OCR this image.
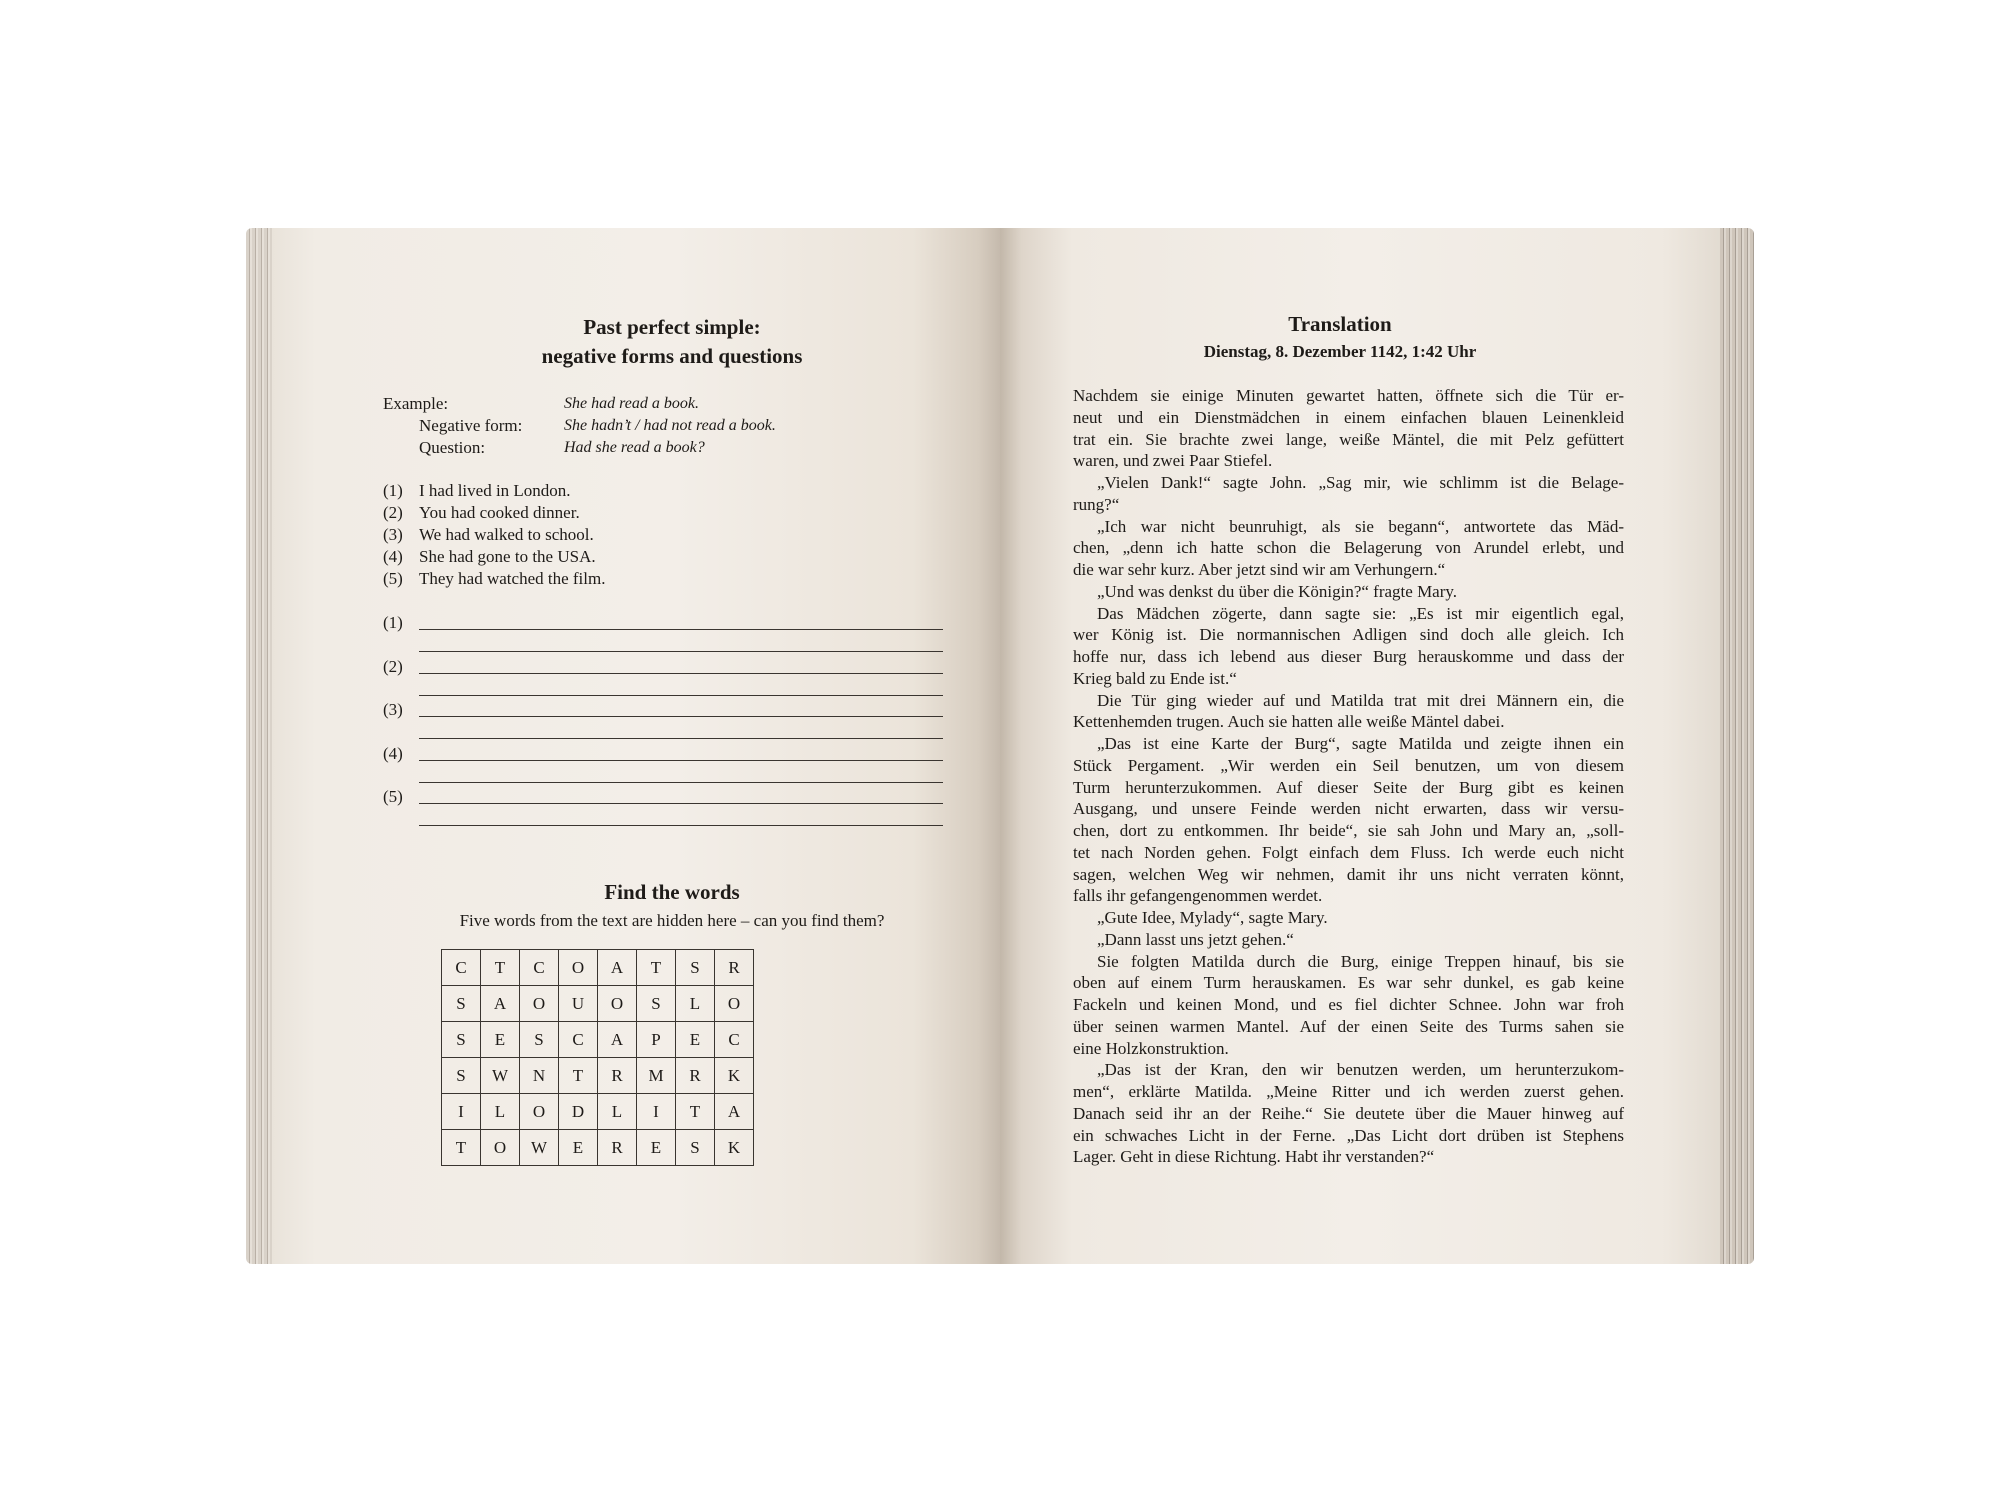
Past perfect simple:
negative forms and questions
Example:	She had read a book.
Negative form:	She hadn’t / had not read a book.
Question:	Had she read a book?
(1) I had lived in London.
(2) You had cooked dinner.
(3) We had walked to school.
(4) She had gone to the USA.
(5) They had watched the film.
(1)
(2)
(3)
(4)
(5)
Find the words
Five words from the text are hidden here – can you find them?
C	T	C	O	A	T	S	R
S	A	O	U	O	S	L	O
S	E	S	C	A	P	E	C
S	W	N	T	R	M	R	K
I	L	O	D	L	I	T	A
T	O	W	E	R	E	S	K
Translation
Dienstag, 8. Dezember 1142, 1:42 Uhr

Nachdem sie einige Minuten gewartet hatten, öffnete sich die Tür er-

neut und ein Dienstmädchen in einem einfachen blauen Leinenkleid

trat ein. Sie brachte zwei lange, weiße Mäntel, die mit Pelz gefüttert

waren, und zwei Paar Stiefel.

„Vielen Dank!“ sagte John. „Sag mir, wie schlimm ist die Belage-

rung?“

„Ich war nicht beunruhigt, als sie begann“, antwortete das Mäd-

chen, „denn ich hatte schon die Belagerung von Arundel erlebt, und

die war sehr kurz. Aber jetzt sind wir am Verhungern.“

„Und was denkst du über die Königin?“ fragte Mary.

Das Mädchen zögerte, dann sagte sie: „Es ist mir eigentlich egal,

wer König ist. Die normannischen Adligen sind doch alle gleich. Ich

hoffe nur, dass ich lebend aus dieser Burg herauskomme und dass der

Krieg bald zu Ende ist.“

Die Tür ging wieder auf und Matilda trat mit drei Männern ein, die

Kettenhemden trugen. Auch sie hatten alle weiße Mäntel dabei.

„Das ist eine Karte der Burg“, sagte Matilda und zeigte ihnen ein

Stück Pergament. „Wir werden ein Seil benutzen, um von diesem

Turm herunterzukommen. Auf dieser Seite der Burg gibt es keinen

Ausgang, und unsere Feinde werden nicht erwarten, dass wir versu-

chen, dort zu entkommen. Ihr beide“, sie sah John und Mary an, „soll-

tet nach Norden gehen. Folgt einfach dem Fluss. Ich werde euch nicht

sagen, welchen Weg wir nehmen, damit ihr uns nicht verraten könnt,

falls ihr gefangengenommen werdet.

„Gute Idee, Mylady“, sagte Mary.

„Dann lasst uns jetzt gehen.“

Sie folgten Matilda durch die Burg, einige Treppen hinauf, bis sie

oben auf einem Turm herauskamen. Es war sehr dunkel, es gab keine

Fackeln und keinen Mond, und es fiel dichter Schnee. John war froh

über seinen warmen Mantel. Auf der einen Seite des Turms sahen sie

eine Holzkonstruktion.

„Das ist der Kran, den wir benutzen werden, um herunterzukom-

men“, erklärte Matilda. „Meine Ritter und ich werden zuerst gehen.

Danach seid ihr an der Reihe.“ Sie deutete über die Mauer hinweg auf

ein schwaches Licht in der Ferne. „Das Licht dort drüben ist Stephens

Lager. Geht in diese Richtung. Habt ihr verstanden?“
